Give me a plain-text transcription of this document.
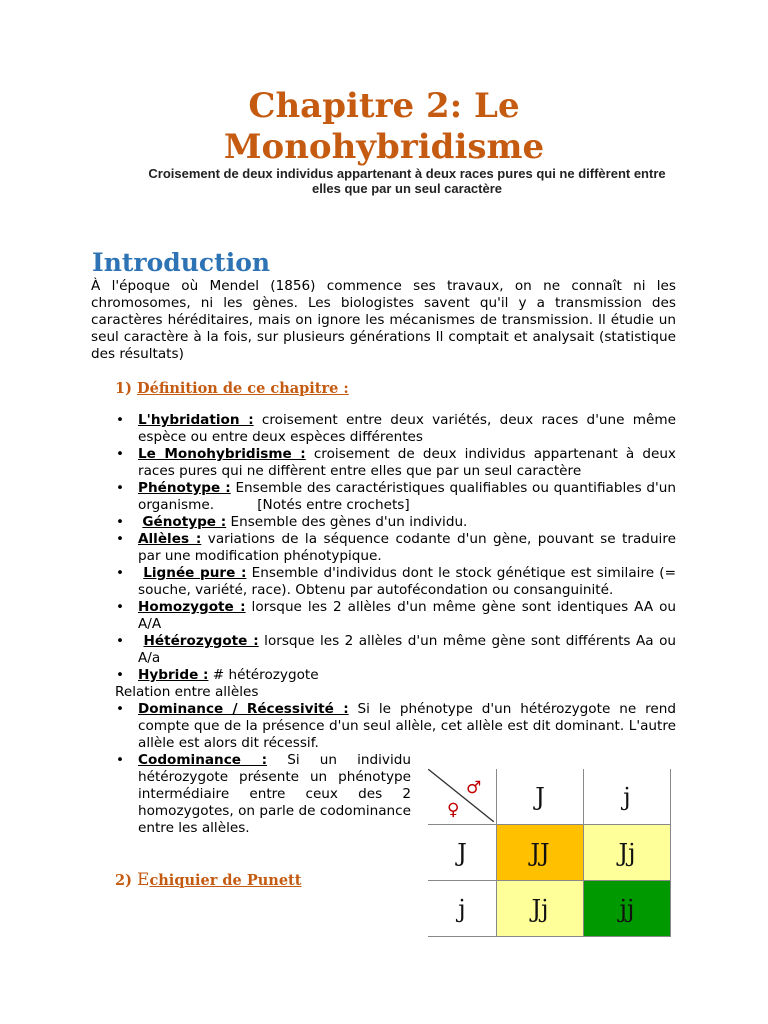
Chapitre 2: Le
Monohybridisme
Croisement de deux individus appartenant à deux races pures qui ne diffèrent entre elles que par un seul caractère
Introduction
À l'époque où Mendel (1856) commence ses travaux, on ne connaît ni les chromosomes, ni les gènes. Les biologistes savent qu'il y a transmission des caractères héréditaires, mais on ignore les mécanismes de transmission. Il étudie un seul caractère à la fois, sur plusieurs générations Il comptait et analysait (statistique des résultats)
1) Définition de ce chapitre :
• L'hybridation : croisement entre deux variétés, deux races d'une même espèce ou entre deux espèces différentes
• Le Monohybridisme : croisement de deux individus appartenant à deux races pures qui ne diffèrent entre elles que par un seul caractère
• Phénotype : Ensemble des caractéristiques qualifiables ou quantifiables d'un organisme.          [Notés entre crochets]
• Génotype : Ensemble des gènes d'un individu.
• Allèles : variations de la séquence codante d'un gène, pouvant se traduire par une modification phénotypique.
• Lignée pure : Ensemble d'individus dont le stock génétique est similaire (= souche, variété, race). Obtenu par autofécondation ou consanguinité.
• Homozygote : lorsque les 2 allèles d'un même gène sont identiques AA ou A/A
• Hétérozygote : lorsque les 2 allèles d'un même gène sont différents Aa ou A/a
• Hybride : # hétérozygote
Relation entre allèles
• Dominance / Récessivité : Si le phénotype d'un hétérozygote ne rend compte que de la présence d'un seul allèle, cet allèle est dit dominant. L'autre allèle est alors dit récessif.
• Codominance : Si un individu hétérozygote présente un phénotype intermédiaire entre ceux des 2 homozygotes, on parle de codominance entre les allèles.
2) Echiquier de Punett
♂
♀	J	j
J	JJ	Jj
j	Jj	jj
